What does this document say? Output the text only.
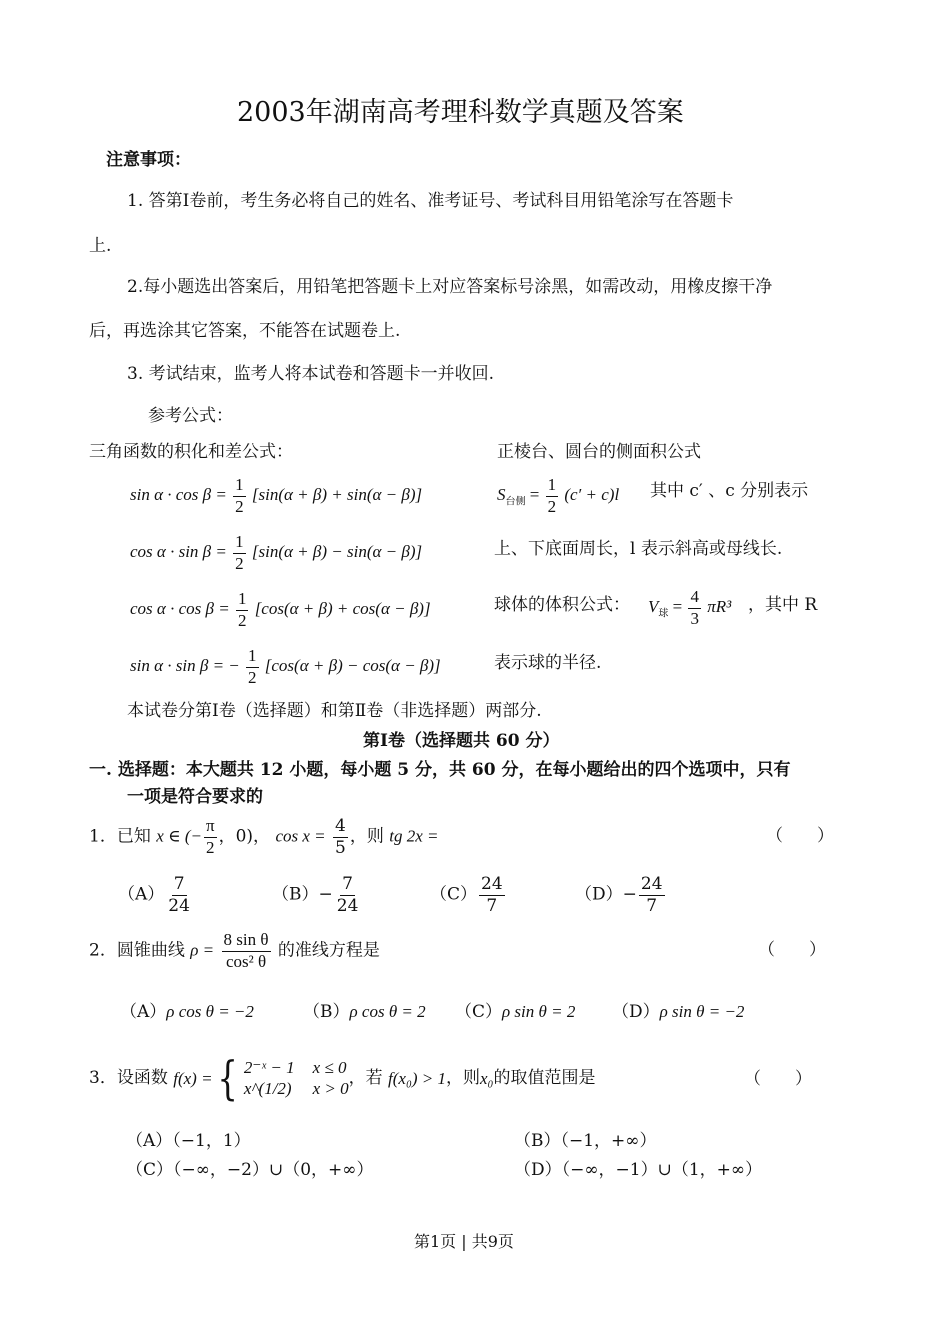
2003年湖南高考理科数学真题及答案
注意事项：
1. 答第Ⅰ卷前，考生务必将自己的姓名、准考证号、考试科目用铅笔涂写在答题卡
上.
2.每小题选出答案后，用铅笔把答题卡上对应答案标号涂黑，如需改动，用橡皮擦干净
后，再选涂其它答案，不能答在试题卷上.
3. 考试结束，监考人将本试卷和答题卡一并收回.
参考公式：
三角函数的积化和差公式：	正棱台、圆台的侧面积公式
$\sin \alpha \cdot \cos \beta = \frac{1}{2} [\sin(\alpha + \beta) + \sin(\alpha - \beta)]$
$\cos \alpha \cdot \sin \beta = \frac{1}{2} [\sin(\alpha + \beta) - \sin(\alpha - \beta)]$
$\cos \alpha \cdot \cos \beta = \frac{1}{2} [\cos(\alpha + \beta) + \cos(\alpha - \beta)]$
sin α · sin β = − $\frac{1}{2} [\cos(\alpha + \beta) - \cos(\alpha - \beta)]$
$S_{台侧} = \frac{1}{2} (c' + c)l$ 其中 c′ 、c 分别表示
上、下底面周长，l 表示斜高或母线长.
球体的体积公式： $V_球 = \frac{4}{3} \pi R^3$ ，其中 R
表示球的半径.
本试卷分第Ⅰ卷（选择题）和第Ⅱ卷（非选择题）两部分.
第Ⅰ卷（选择题共 60 分）
一. 选择题：本大题共 12 小题，每小题 5 分，共 60 分，在每小题给出的四个选项中，只有
一项是符合要求的
1．已知 x ∈ (− $\frac{\pi}{2}$ ，0)， $\cos x = \frac{4}{5}$ ，则 tg 2x =	（　　）
$(A) \frac{7}{24}$	$(B)- \frac{7}{24}$	$(C) \frac{24}{7}$	$(D)- \frac{24}{7}$
2．圆锥曲线 $\rho = \frac{\text{8 sin θ}}{\text{cos² θ}}$ 的准线方程是	（　　）
（A）ρ cos θ = −2	（B）ρ cos θ = 2 （C）ρ sin θ = 2 （D）ρ sin θ = −2
3．设函数
f(x) = { 2⁻ˣ − 1 x ≤ 0
x^(1/2) x > 0
，若
f(x₀) > 1 ，则 x₀ 的取值范围是	（　　）
（A）（−1，1）	（B）（−1，+∞）
（C）（−∞，−2）∪（0，+∞）	（D）（−∞，−1）∪（1，+∞）
第1页 | 共9页
